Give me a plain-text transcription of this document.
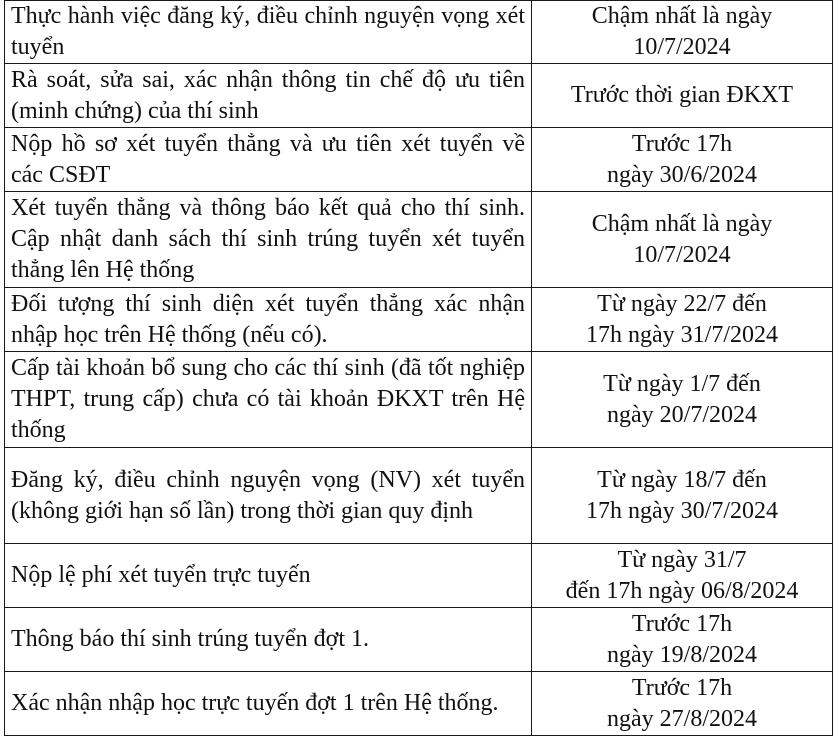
Thực hành việc đăng ký, điều chỉnh nguyện vọng xét tuyển	Chậm nhất là ngày
10/7/2024

Rà soát, sửa sai, xác nhận thông tin chế độ ưu tiên (minh chứng) của thí sinh	Trước thời gian ĐKXT

Nộp hồ sơ xét tuyển thẳng và ưu tiên xét tuyển về các CSĐT	Trước 17h
ngày 30/6/2024

Xét tuyển thẳng và thông báo kết quả cho thí sinh. Cập nhật danh sách thí sinh trúng tuyển xét tuyển thẳng lên Hệ thống	Chậm nhất là ngày
10/7/2024

Đối tượng thí sinh diện xét tuyển thẳng xác nhận nhập học trên Hệ thống (nếu có).	Từ ngày 22/7 đến
17h ngày 31/7/2024

Cấp tài khoản bổ sung cho các thí sinh (đã tốt nghiệp THPT, trung cấp) chưa có tài khoản ĐKXT trên Hệ thống	Từ ngày 1/7 đến
ngày 20/7/2024

Đăng ký, điều chỉnh nguyện vọng (NV) xét tuyển (không giới hạn số lần) trong thời gian quy định	Từ ngày 18/7 đến
17h ngày 30/7/2024

Nộp lệ phí xét tuyển trực tuyến	Từ ngày 31/7
đến 17h ngày 06/8/2024

Thông báo thí sinh trúng tuyển đợt 1.	Trước 17h
ngày 19/8/2024

Xác nhận nhập học trực tuyến đợt 1 trên Hệ thống.	Trước 17h
ngày 27/8/2024
